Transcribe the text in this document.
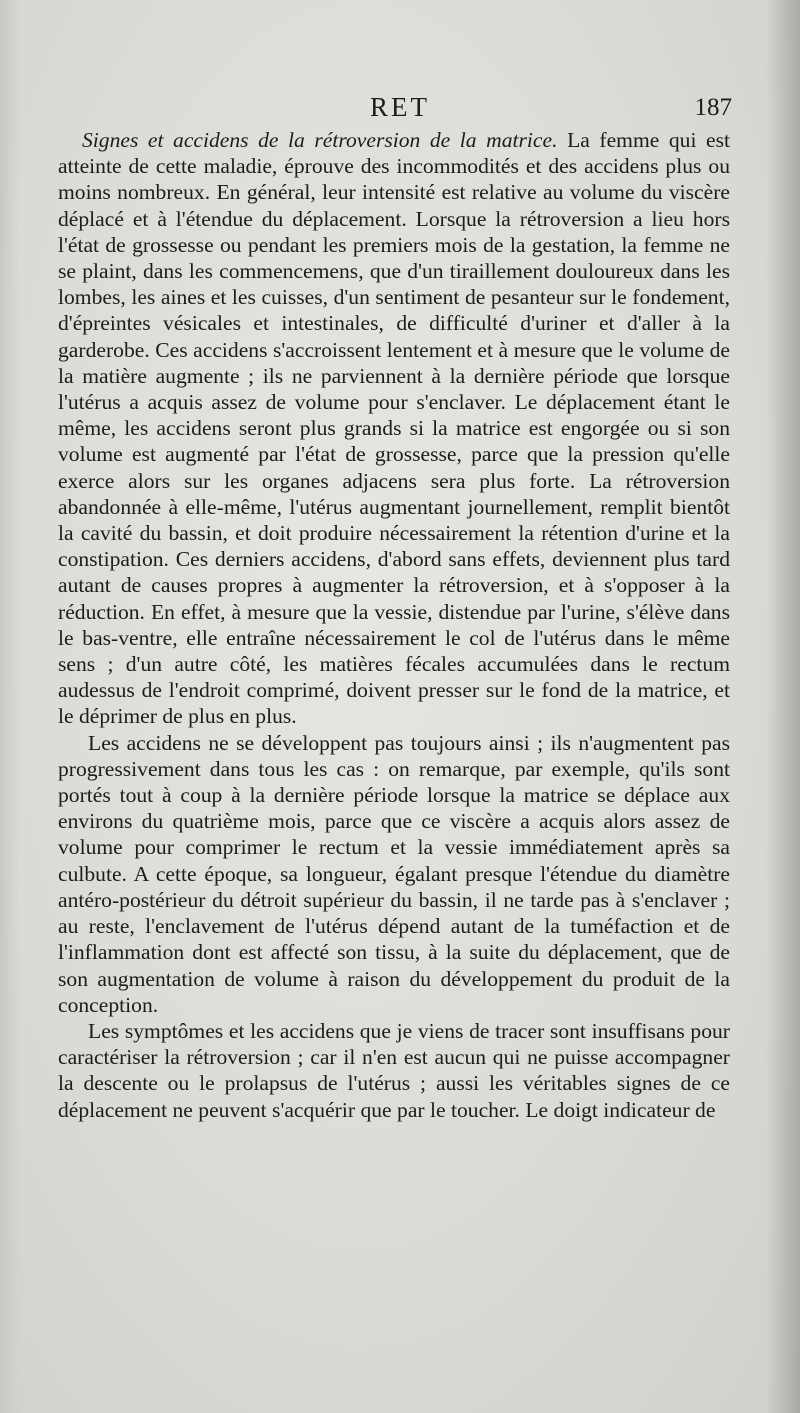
RET	187

Signes et accidens de la rétroversion de la matrice. La femme qui est atteinte de cette maladie, éprouve des incommodités et des accidens plus ou moins nombreux. En général, leur intensité est relative au volume du viscère déplacé et à l'étendue du déplacement. Lorsque la rétroversion a lieu hors l'état de grossesse ou pendant les premiers mois de la gestation, la femme ne se plaint, dans les commencemens, que d'un tiraillement douloureux dans les lombes, les aines et les cuisses, d'un sentiment de pesanteur sur le fondement, d'épreintes vésicales et intestinales, de difficulté d'uriner et d'aller à la garderobe. Ces accidens s'accroissent lentement et à mesure que le volume de la matière augmente ; ils ne parviennent à la dernière période que lorsque l'utérus a acquis assez de volume pour s'enclaver. Le déplacement étant le même, les accidens seront plus grands si la matrice est engorgée ou si son volume est augmenté par l'état de grossesse, parce que la pression qu'elle exerce alors sur les organes adjacens sera plus forte. La rétroversion abandonnée à elle-même, l'utérus augmentant journellement, remplit bientôt la cavité du bassin, et doit produire nécessairement la rétention d'urine et la constipation. Ces derniers accidens, d'abord sans effets, deviennent plus tard autant de causes propres à augmenter la rétroversion, et à s'opposer à la réduction. En effet, à mesure que la vessie, distendue par l'urine, s'élève dans le bas-ventre, elle entraîne nécessairement le col de l'utérus dans le même sens ; d'un autre côté, les matières fécales accumulées dans le rectum audessus de l'endroit comprimé, doivent presser sur le fond de la matrice, et le déprimer de plus en plus.

Les accidens ne se développent pas toujours ainsi ; ils n'augmentent pas progressivement dans tous les cas : on remarque, par exemple, qu'ils sont portés tout à coup à la dernière période lorsque la matrice se déplace aux environs du quatrième mois, parce que ce viscère a acquis alors assez de volume pour comprimer le rectum et la vessie immédiatement après sa culbute. A cette époque, sa longueur, égalant presque l'étendue du diamètre antéro-postérieur du détroit supérieur du bassin, il ne tarde pas à s'enclaver ; au reste, l'enclavement de l'utérus dépend autant de la tuméfaction et de l'inflammation dont est affecté son tissu, à la suite du déplacement, que de son augmentation de volume à raison du développement du produit de la conception.

Les symptômes et les accidens que je viens de tracer sont insuffisans pour caractériser la rétroversion ; car il n'en est aucun qui ne puisse accompagner la descente ou le prolapsus de l'utérus ; aussi les véritables signes de ce déplacement ne peuvent s'acquérir que par le toucher. Le doigt indicateur de
